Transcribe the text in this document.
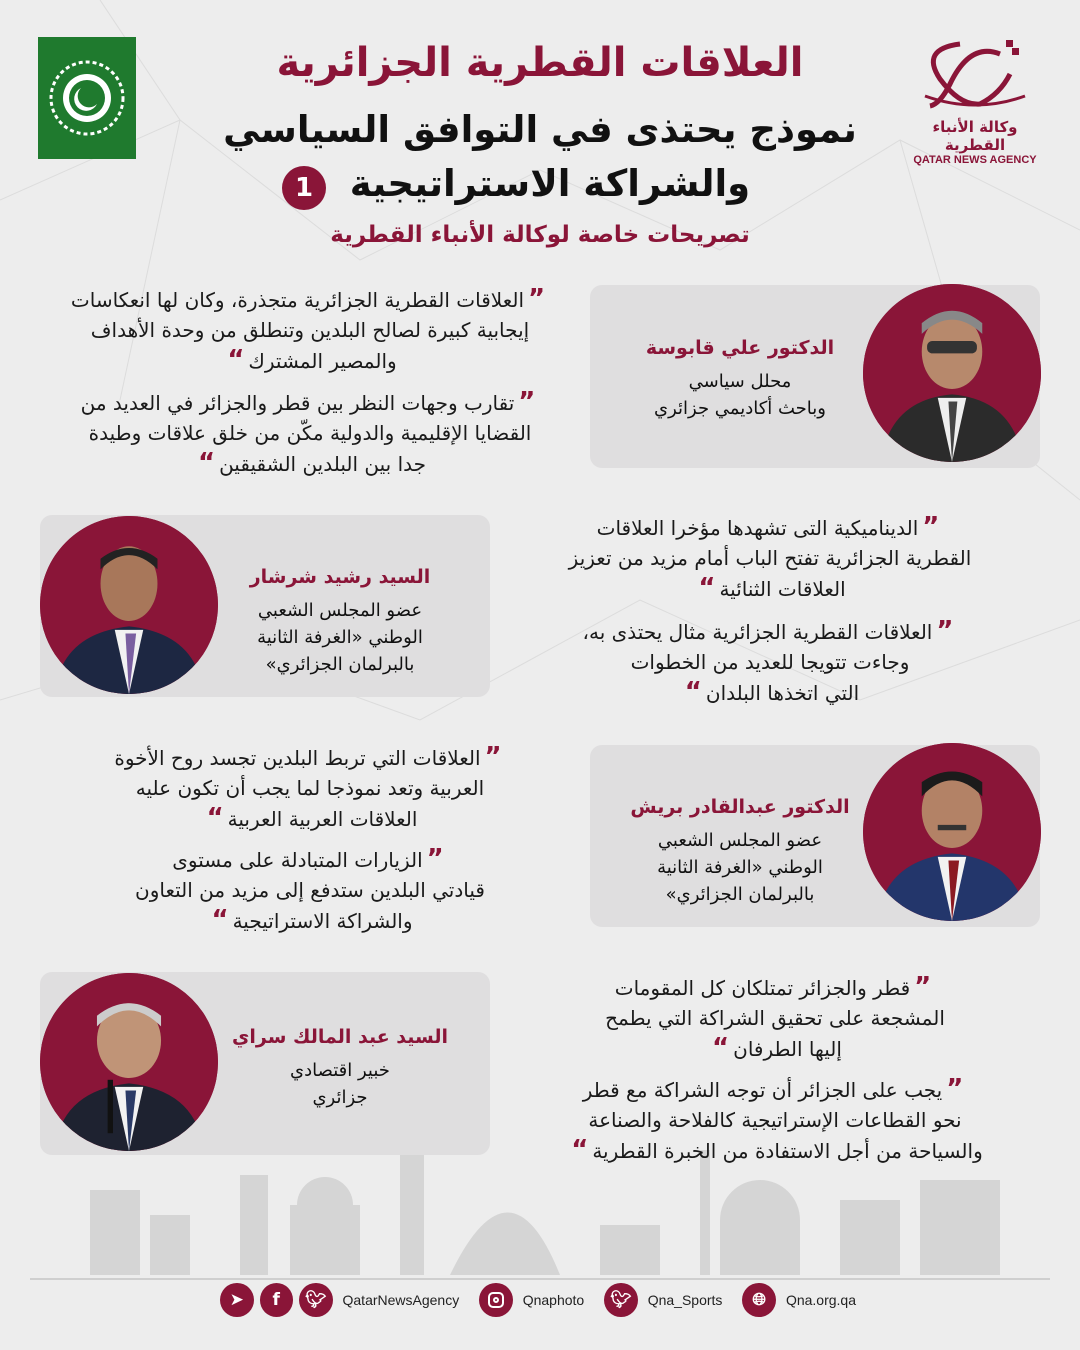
وكالة الأنباء القطرية
QATAR NEWS AGENCY
العلاقات القطرية الجزائرية
نموذج يحتذى في التوافق السياسي
والشراكة الاستراتيجية
1
تصريحات خاصة لوكالة الأنباء القطرية
الدكتور علي قابوسة
محلل سياسي
وباحث أكاديمي جزائري
”العلاقات القطرية الجزائرية متجذرة، وكان لها انعكاسات
إيجابية كبيرة لصالح البلدين وتنطلق من وحدة الأهداف
والمصير المشترك“
”تقارب وجهات النظر بين قطر والجزائر في العديد من
القضايا الإقليمية والدولية مكّن من خلق علاقات وطيدة
جدا بين البلدين الشقيقين“
السيد رشيد شرشار
عضو المجلس الشعبي
الوطني «الغرفة الثانية
بالبرلمان الجزائري»
”الديناميكية التى تشهدها مؤخرا العلاقات
القطرية الجزائرية تفتح الباب أمام مزيد من تعزيز
العلاقات الثنائية“
”العلاقات القطرية الجزائرية مثال يحتذى به،
وجاءت تتويجا للعديد من الخطوات
التي اتخذها البلدان“
الدكتور عبدالقادر بريش
عضو المجلس الشعبي
الوطني «الغرفة الثانية
بالبرلمان الجزائري»
”العلاقات التي تربط البلدين تجسد روح الأخوة
العربية وتعد نموذجا لما يجب أن تكون عليه
العلاقات العربية العربية“
”الزيارات المتبادلة على مستوى
قيادتي البلدين ستدفع إلى مزيد من التعاون
والشراكة الاستراتيجية“
السيد عبد المالك سراي
خبير اقتصادي
جزائري
”قطر والجزائر تمتلكان كل المقومات
المشجعة على تحقيق الشراكة التي يطمح
إليها الطرفان“
”يجب على الجزائر أن توجه الشراكة مع قطر
نحو القطاعات الإستراتيجية كالفلاحة والصناعة
والسياحة من أجل الاستفادة من الخبرة القطرية“
➤	f	🐦︎	QatarNewsAgency	Qnaphoto	🐦︎	Qna_Sports	🌐︎	Qna.org.qa
